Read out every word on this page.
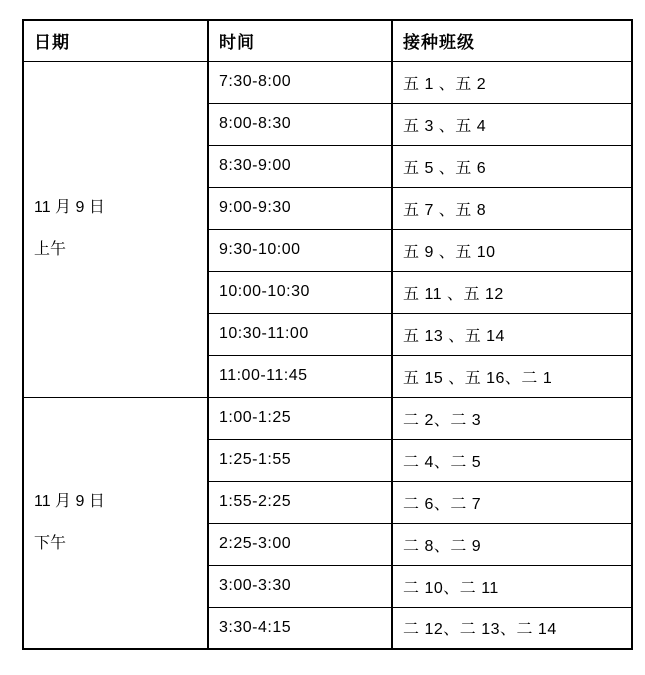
日期	时间	接种班级

11 月 9 日
上午	7:30-8:00	五 1 、五 2
	8:00-8:30	五 3 、五 4
	8:30-9:00	五 5 、五 6
	9:00-9:30	五 7 、五 8
	9:30-10:00	五 9 、五 10
	10:00-10:30	五 11 、五 12
	10:30-11:00	五 13 、五 14
	11:00-11:45	五 15 、五 16、二 1

11 月 9 日
下午	1:00-1:25	二 2、二 3
	1:25-1:55	二 4、二 5
	1:55-2:25	二 6、二 7
	2:25-3:00	二 8、二 9
	3:00-3:30	二 10、二 11
	3:30-4:15	二 12、二 13、二 14
